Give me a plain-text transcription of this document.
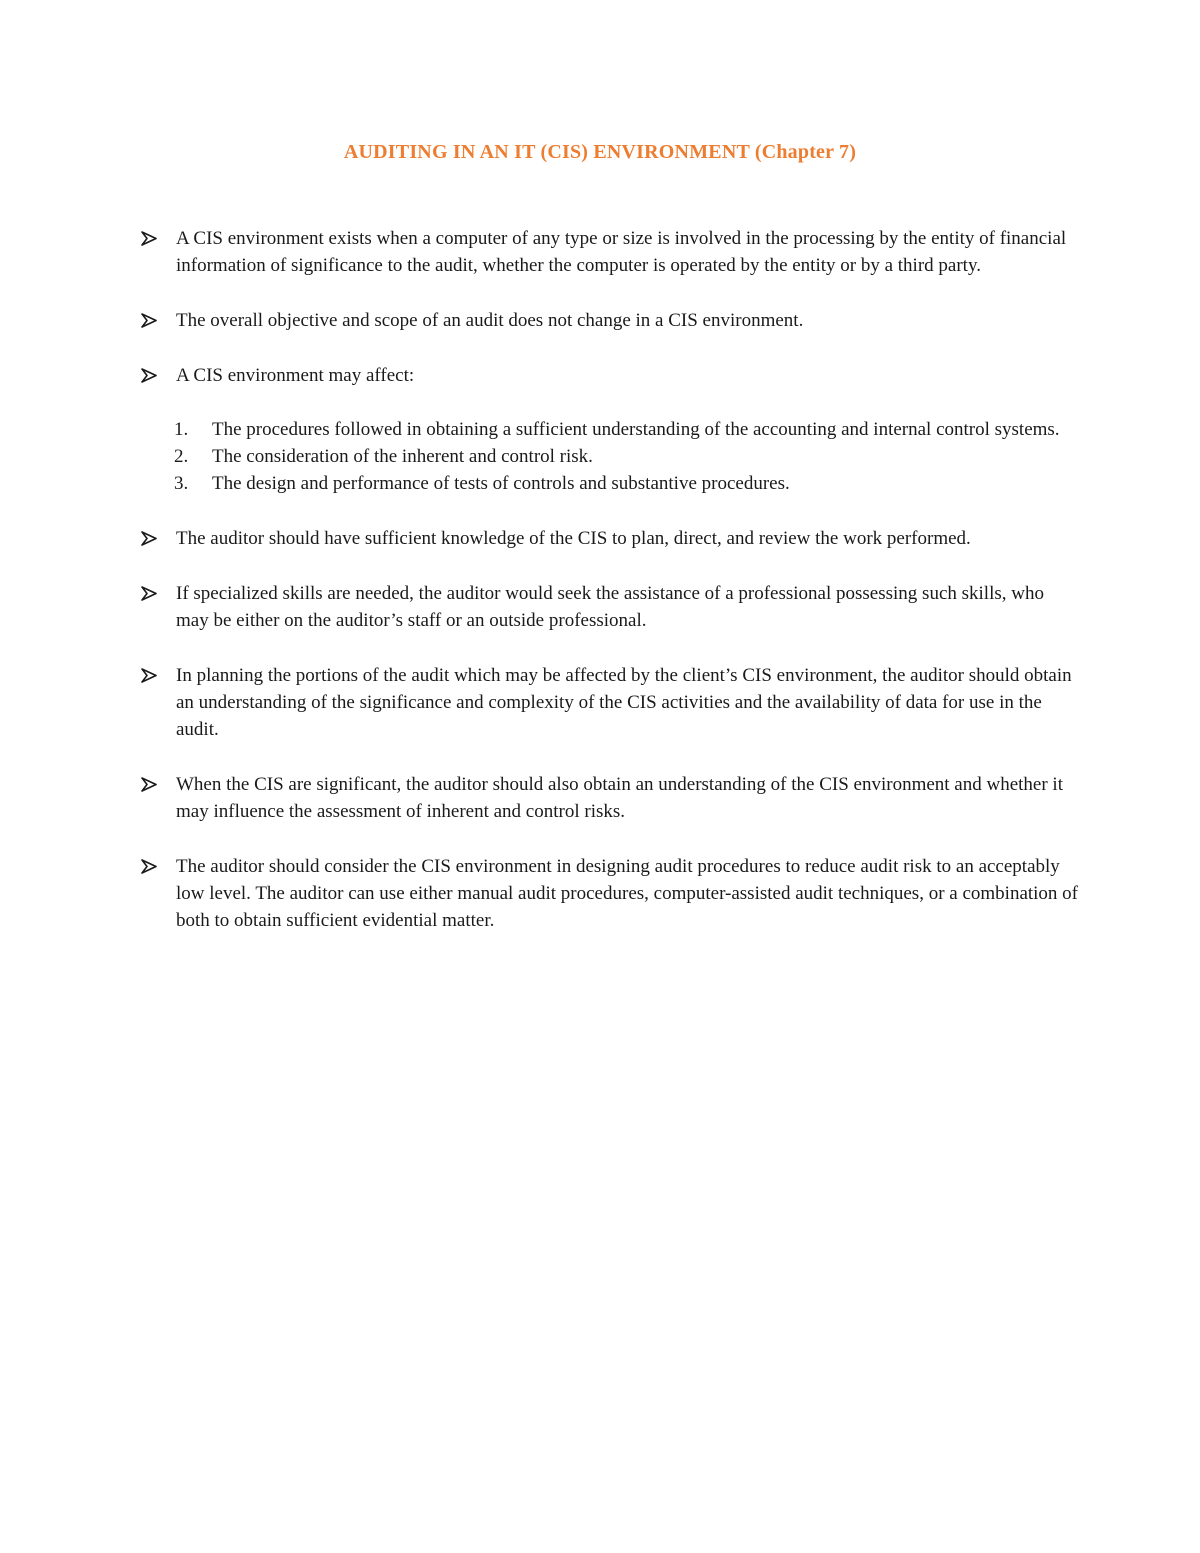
AUDITING IN AN IT (CIS) ENVIRONMENT (Chapter 7)
A CIS environment exists when a computer of any type or size is involved in the processing by the entity of financial information of significance to the audit, whether the computer is operated by the entity or by a third party.
The overall objective and scope of an audit does not change in a CIS environment.
A CIS environment may affect:
1. The procedures followed in obtaining a sufficient understanding of the accounting and internal control systems.
2. The consideration of the inherent and control risk.
3. The design and performance of tests of controls and substantive procedures.
The auditor should have sufficient knowledge of the CIS to plan, direct, and review the work performed.
If specialized skills are needed, the auditor would seek the assistance of a professional possessing such skills, who may be either on the auditor’s staff or an outside professional.
In planning the portions of the audit which may be affected by the client’s CIS environment, the auditor should obtain an understanding of the significance and complexity of the CIS activities and the availability of data for use in the audit.
When the CIS are significant, the auditor should also obtain an understanding of the CIS environment and whether it may influence the assessment of inherent and control risks.
The auditor should consider the CIS environment in designing audit procedures to reduce audit risk to an acceptably low level. The auditor can use either manual audit procedures, computer-assisted audit techniques, or a combination of both to obtain sufficient evidential matter.
